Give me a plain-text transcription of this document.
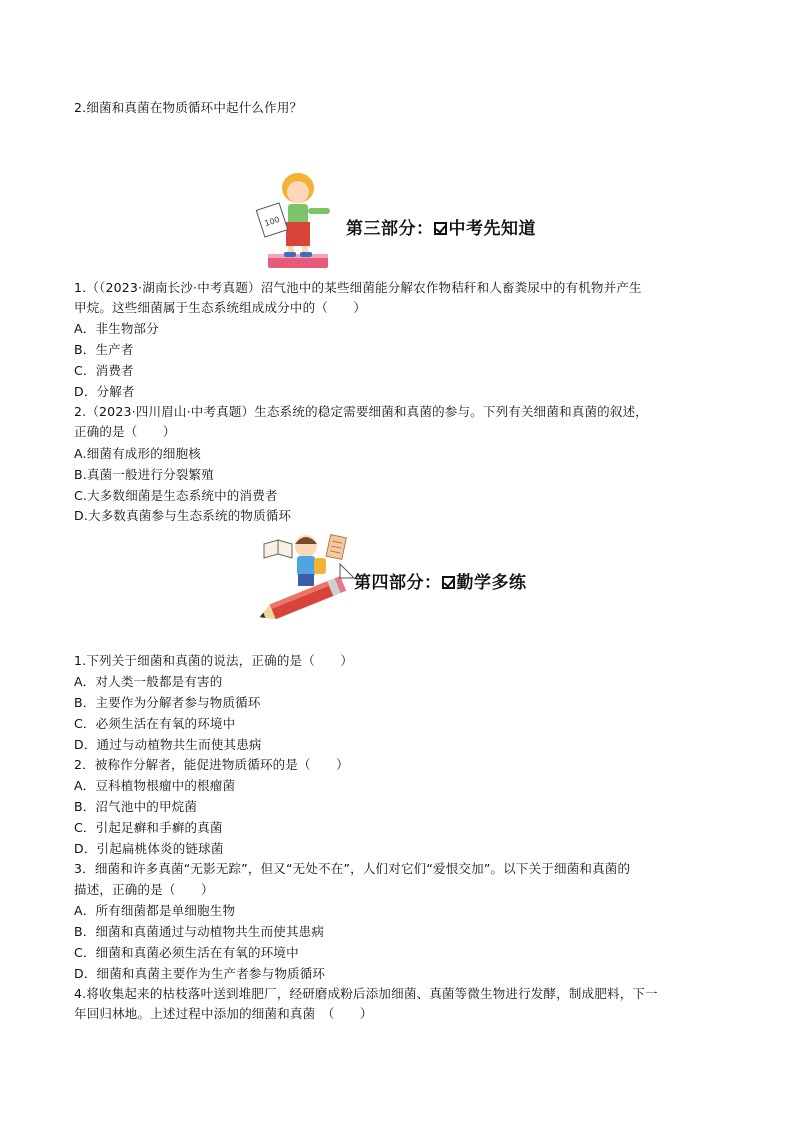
2.细菌和真菌在物质循环中起什么作用？
100	第三部分： 中考先知道
1.（（2023·湖南长沙·中考真题）沼气池中的某些细菌能分解农作物秸秆和人畜粪尿中的有机物并产生
甲烷。这些细菌属于生态系统组成成分中的（　　）
A．非生物部分
B．生产者
C．消费者
D．分解者
2.（2023·四川眉山·中考真题）生态系统的稳定需要细菌和真菌的参与。下列有关细菌和真菌的叙述，
正确的是（　　）
A.细菌有成形的细胞核
B.真菌一般进行分裂繁殖
C.大多数细菌是生态系统中的消费者
D.大多数真菌参与生态系统的物质循环
第四部分： 勤学多练
1.下列关于细菌和真菌的说法，正确的是（　　）
A．对人类一般都是有害的
B．主要作为分解者参与物质循环
C．必须生活在有氧的环境中
D．通过与动植物共生而使其患病
2．被称作分解者，能促进物质循环的是（　　）
A．豆科植物根瘤中的根瘤菌
B．沼气池中的甲烷菌
C．引起足癣和手癣的真菌
D．引起扁桃体炎的链球菌
3．细菌和许多真菌“无影无踪”，但又“无处不在”，人们对它们“爱恨交加”。以下关于细菌和真菌的
描述，正确的是（　　）
A．所有细菌都是单细胞生物
B．细菌和真菌通过与动植物共生而使其患病
C．细菌和真菌必须生活在有氧的环境中
D．细菌和真菌主要作为生产者参与物质循环
4.将收集起来的枯枝落叶送到堆肥厂，经研磨成粉后添加细菌、真菌等微生物进行发酵，制成肥料，下一
年回归林地。上述过程中添加的细菌和真菌　（　　）
